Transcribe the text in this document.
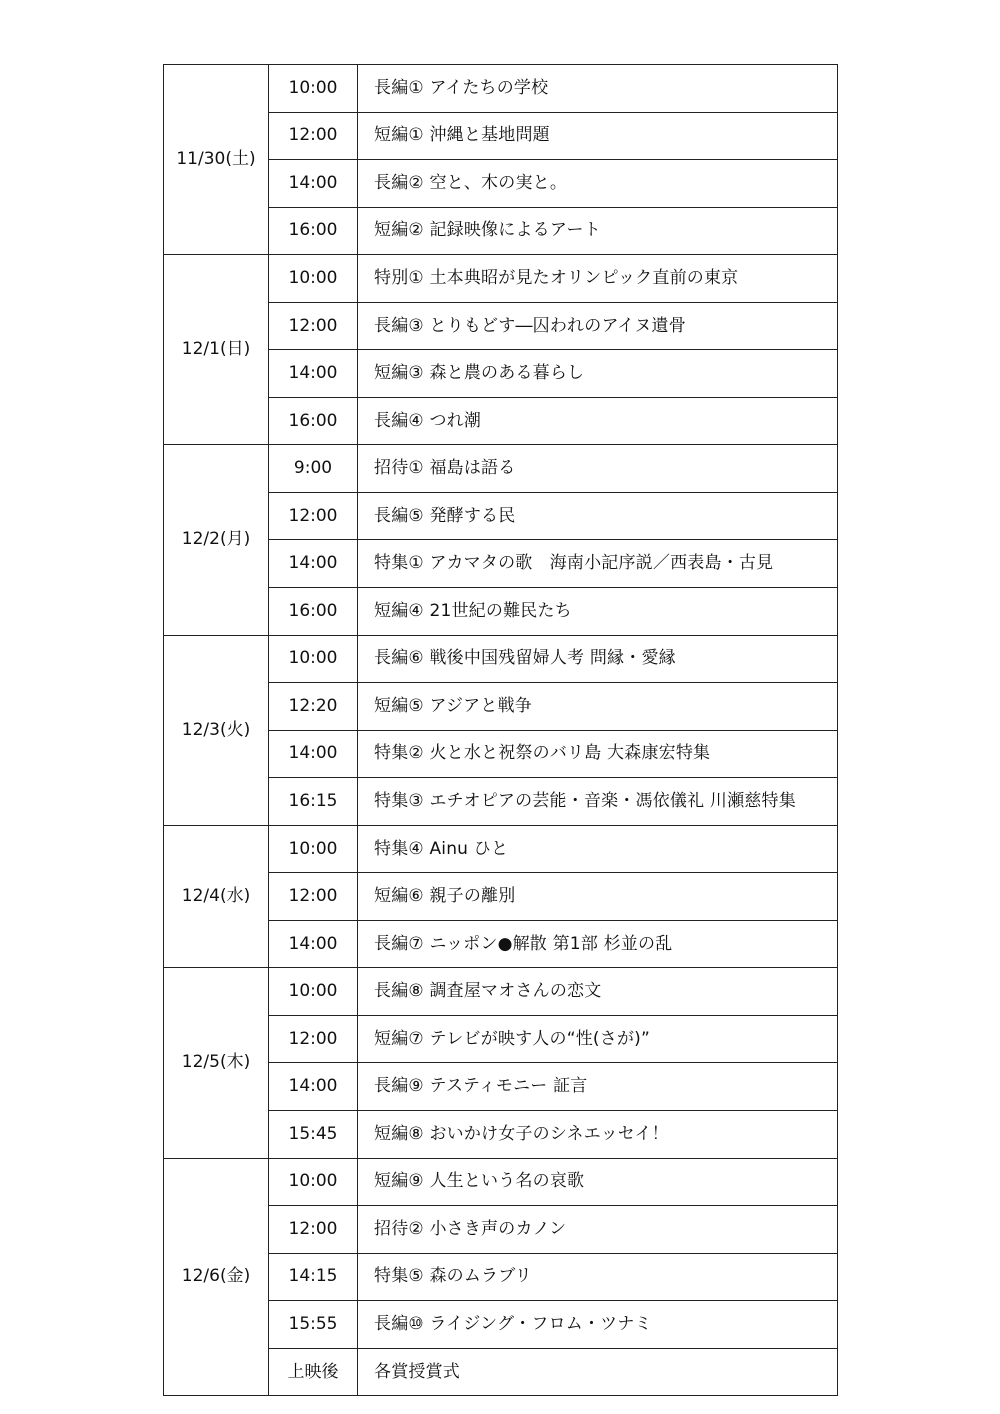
11/30(土)	10:00	長編① アイたちの学校
	12:00	短編① 沖縄と基地問題
	14:00	長編② 空と、木の実と。
	16:00	短編② 記録映像によるアート
12/1(日)	10:00	特別① 土本典昭が見たオリンピック直前の東京
	12:00	長編③ とりもどす―囚われのアイヌ遺骨
	14:00	短編③ 森と農のある暮らし
	16:00	長編④ つれ潮
12/2(月)	9:00	招待① 福島は語る
	12:00	長編⑤ 発酵する民
	14:00	特集① アカマタの歌　海南小記序説／西表島・古見
	16:00	短編④ 21世紀の難民たち
12/3(火)	10:00	長編⑥ 戦後中国残留婦人考 問縁・愛縁
	12:20	短編⑤ アジアと戦争
	14:00	特集② 火と水と祝祭のバリ島 大森康宏特集
	16:15	特集③ エチオピアの芸能・音楽・馮依儀礼 川瀬慈特集
12/4(水)	10:00	特集④ Ainu ひと
	12:00	短編⑥ 親子の離別
	14:00	長編⑦ ニッポン●解散 第1部 杉並の乱
12/5(木)	10:00	長編⑧ 調査屋マオさんの恋文
	12:00	短編⑦ テレビが映す人の“性(さが)”
	14:00	長編⑨ テスティモニー 証言
	15:45	短編⑧ おいかけ女子のシネエッセイ！
12/6(金)	10:00	短編⑨ 人生という名の哀歌
	12:00	招待② 小さき声のカノン
	14:15	特集⑤ 森のムラブリ
	15:55	長編⑩ ライジング・フロム・ツナミ
	上映後	各賞授賞式
